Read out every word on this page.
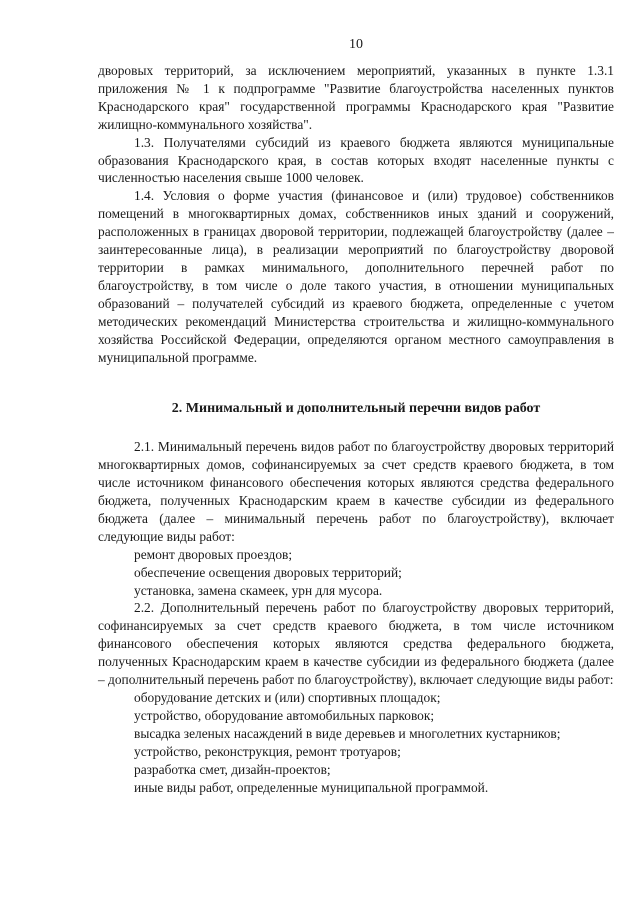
10

дворовых территорий, за исключением мероприятий, указанных в пункте 1.3.1 приложения № 1 к подпрограмме "Развитие благоустройства населенных пунктов Краснодарского края" государственной программы Краснодарского края "Развитие жилищно-коммунального хозяйства".

1.3. Получателями субсидий из краевого бюджета являются муниципальные образования Краснодарского края, в состав которых входят населенные пункты с численностью населения свыше 1000 человек.

1.4. Условия о форме участия (финансовое и (или) трудовое) собственников помещений в многоквартирных домах, собственников иных зданий и сооружений, расположенных в границах дворовой территории, подлежащей благоустройству (далее – заинтересованные лица), в реализации мероприятий по благоустройству дворовой территории в рамках минимального, дополнительного перечней работ по благоустройству, в том числе о доле такого участия, в отношении муниципальных образований – получателей субсидий из краевого бюджета, определенные с учетом методических рекомендаций Министерства строительства и жилищно-коммунального хозяйства Российской Федерации, определяются органом местного самоуправления в муниципальной программе.

2. Минимальный и дополнительный перечни видов работ

2.1. Минимальный перечень видов работ по благоустройству дворовых территорий многоквартирных домов, софинансируемых за счет средств краевого бюджета, в том числе источником финансового обеспечения которых являются средства федерального бюджета, полученных Краснодарским краем в качестве субсидии из федерального бюджета (далее – минимальный перечень работ по благоустройству), включает следующие виды работ:

ремонт дворовых проездов;

обеспечение освещения дворовых территорий;

установка, замена скамеек, урн для мусора.

2.2. Дополнительный перечень работ по благоустройству дворовых территорий, софинансируемых за счет средств краевого бюджета, в том числе источником финансового обеспечения которых являются средства федерального бюджета, полученных Краснодарским краем в качестве субсидии из федерального бюджета (далее – дополнительный перечень работ по благоустройству), включает следующие виды работ:

оборудование детских и (или) спортивных площадок;

устройство, оборудование автомобильных парковок;

высадка зеленых насаждений в виде деревьев и многолетних кустарников;

устройство, реконструкция, ремонт тротуаров;

разработка смет, дизайн-проектов;

иные виды работ, определенные муниципальной программой.
